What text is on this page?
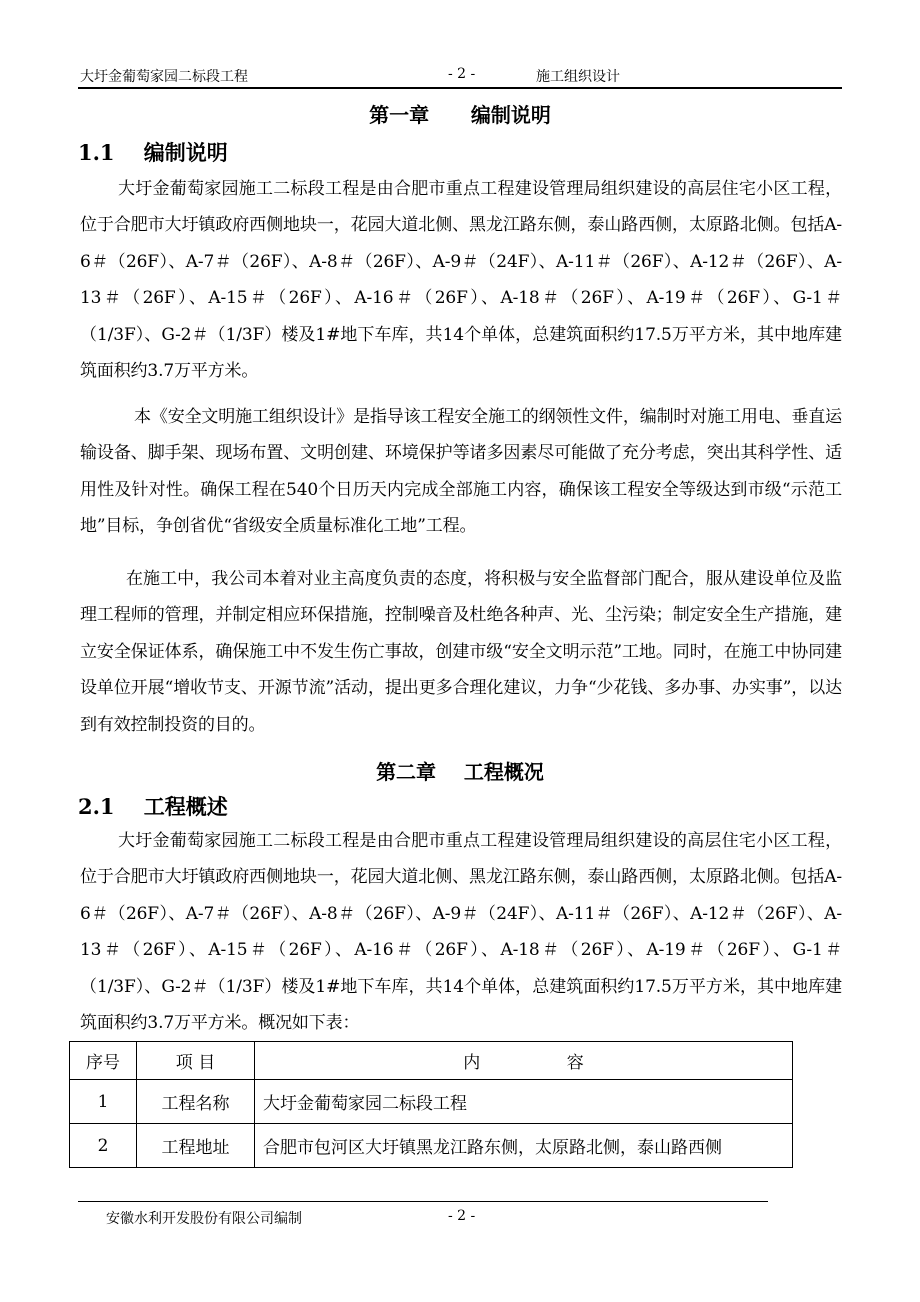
大圩金葡萄家园二标段工程	- 2 -	施工组织设计
第一章      编制说明
1.1    编制说明

大圩金葡萄家园施工二标段工程是由合肥市重点工程建设管理局组织建设的高层住宅小区工程，位于合肥市大圩镇政府西侧地块一，花园大道北侧、黑龙江路东侧，泰山路西侧，太原路北侧。包括A-6＃（26F）、A-7＃（26F）、A-8＃（26F）、A-9＃（24F）、A-11＃（26F）、A-12＃（26F）、A-13＃（26F）、A-15＃（26F）、A-16＃（26F）、A-18＃（26F）、A-19＃（26F）、G-1＃（1/3F）、G-2＃（1/3F）楼及1#地下车库，共14个单体，总建筑面积约17.5万平方米，其中地库建筑面积约3.7万平方米。

本《安全文明施工组织设计》是指导该工程安全施工的纲领性文件，编制时对施工用电、垂直运输设备、脚手架、现场布置、文明创建、环境保护等诸多因素尽可能做了充分考虑，突出其科学性、适用性及针对性。确保工程在540个日历天内完成全部施工内容，确保该工程安全等级达到市级“示范工地”目标，争创省优“省级安全质量标准化工地”工程。

在施工中，我公司本着对业主高度负责的态度，将积极与安全监督部门配合，服从建设单位及监理工程师的管理，并制定相应环保措施，控制噪音及杜绝各种声、光、尘污染；制定安全生产措施，建立安全保证体系，确保施工中不发生伤亡事故，创建市级“安全文明示范”工地。同时，在施工中协同建设单位开展“增收节支、开源节流”活动，提出更多合理化建议，力争“少花钱、多办事、办实事”，以达到有效控制投资的目的。

第二章    工程概况
2.1    工程概述

大圩金葡萄家园施工二标段工程是由合肥市重点工程建设管理局组织建设的高层住宅小区工程，位于合肥市大圩镇政府西侧地块一，花园大道北侧、黑龙江路东侧，泰山路西侧，太原路北侧。包括A-6＃（26F）、A-7＃（26F）、A-8＃（26F）、A-9＃（24F）、A-11＃（26F）、A-12＃（26F）、A-13＃（26F）、A-15＃（26F）、A-16＃（26F）、A-18＃（26F）、A-19＃（26F）、G-1＃（1/3F）、G-2＃（1/3F）楼及1#地下车库，共14个单体，总建筑面积约17.5万平方米，其中地库建筑面积约3.7万平方米。概况如下表：

序号	项 目	内                容
1	工程名称	大圩金葡萄家园二标段工程
2	工程地址	合肥市包河区大圩镇黑龙江路东侧，太原路北侧，泰山路西侧
安徽水利开发股份有限公司编制	- 2 -
